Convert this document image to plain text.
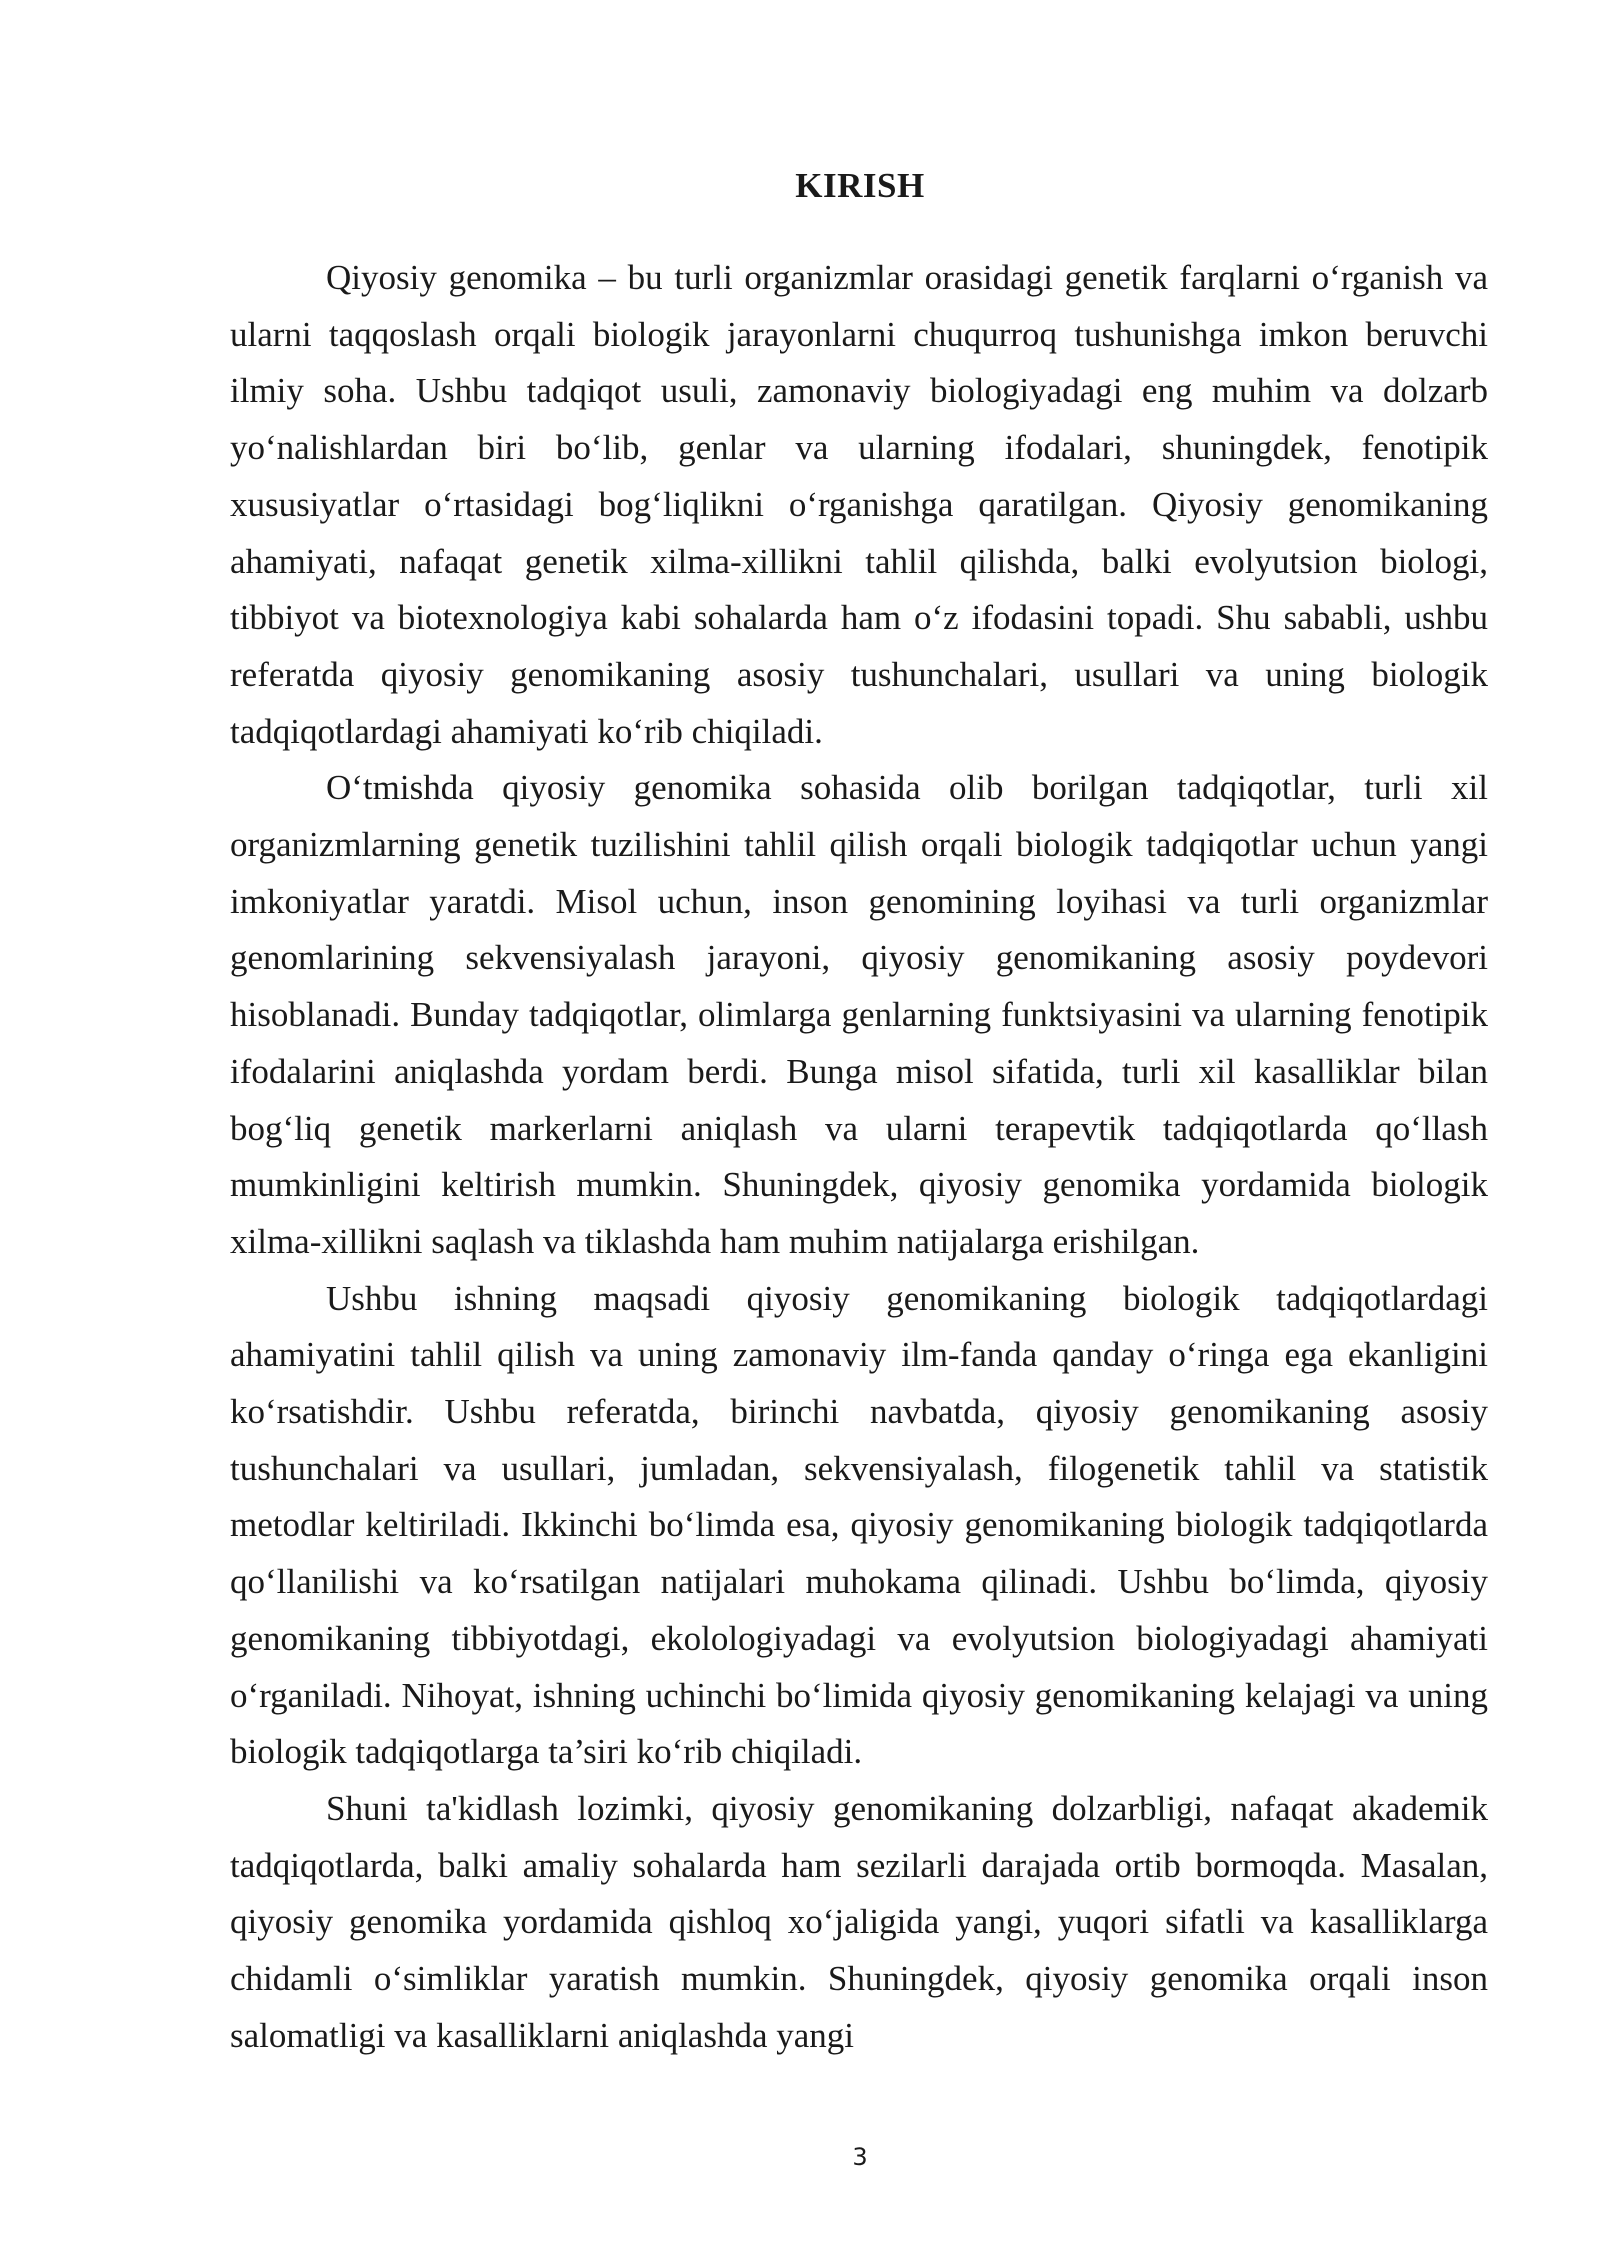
KIRISH

Qiyosiy genomika – bu turli organizmlar orasidagi genetik farqlarni oʻrganish va ularni taqqoslash orqali biologik jarayonlarni chuqurroq tushunishga imkon beruvchi ilmiy soha. Ushbu tadqiqot usuli, zamonaviy biologiyadagi eng muhim va dolzarb yoʻnalishlardan biri boʻlib, genlar va ularning ifodalari, shuningdek, fenotipik xususiyatlar oʻrtasidagi bogʻliqlikni oʻrganishga qaratilgan. Qiyosiy genomikaning ahamiyati, nafaqat genetik xilma-xillikni tahlil qilishda, balki evolyutsion biologi, tibbiyot va biotexnologiya kabi sohalarda ham oʻz ifodasini topadi. Shu sababli, ushbu referatda qiyosiy genomikaning asosiy tushunchalari, usullari va uning biologik tadqiqotlardagi ahamiyati koʻrib chiqiladi.

Oʻtmishda qiyosiy genomika sohasida olib borilgan tadqiqotlar, turli xil organizmlarning genetik tuzilishini tahlil qilish orqali biologik tadqiqotlar uchun yangi imkoniyatlar yaratdi. Misol uchun, inson genomining loyihasi va turli organizmlar genomlarining sekvensiyalash jarayoni, qiyosiy genomikaning asosiy poydevori hisoblanadi. Bunday tadqiqotlar, olimlarga genlarning funktsiyasini va ularning fenotipik ifodalarini aniqlashda yordam berdi. Bunga misol sifatida, turli xil kasalliklar bilan bogʻliq genetik markerlarni aniqlash va ularni terapevtik tadqiqotlarda qoʻllash mumkinligini keltirish mumkin. Shuningdek, qiyosiy genomika yordamida biologik xilma-xillikni saqlash va tiklashda ham muhim natijalarga erishilgan.

Ushbu ishning maqsadi qiyosiy genomikaning biologik tadqiqotlardagi ahamiyatini tahlil qilish va uning zamonaviy ilm-fanda qanday oʻringa ega ekanligini koʻrsatishdir. Ushbu referatda, birinchi navbatda, qiyosiy genomikaning asosiy tushunchalari va usullari, jumladan, sekvensiyalash, filogenetik tahlil va statistik metodlar keltiriladi. Ikkinchi boʻlimda esa, qiyosiy genomikaning biologik tadqiqotlarda qoʻllanilishi va koʻrsatilgan natijalari muhokama qilinadi. Ushbu boʻlimda, qiyosiy genomikaning tibbiyotdagi, ekolologiyadagi va evolyutsion biologiyadagi ahamiyati oʻrganiladi. Nihoyat, ishning uchinchi boʻlimida qiyosiy genomikaning kelajagi va uning biologik tadqiqotlarga ta’siri koʻrib chiqiladi.

Shuni ta'kidlash lozimki, qiyosiy genomikaning dolzarbligi, nafaqat akademik tadqiqotlarda, balki amaliy sohalarda ham sezilarli darajada ortib bormoqda. Masalan, qiyosiy genomika yordamida qishloq xoʻjaligida yangi, yuqori sifatli va kasalliklarga chidamli oʻsimliklar yaratish mumkin. Shuningdek, qiyosiy genomika orqali inson salomatligi va kasalliklarni aniqlashda yangi

3
